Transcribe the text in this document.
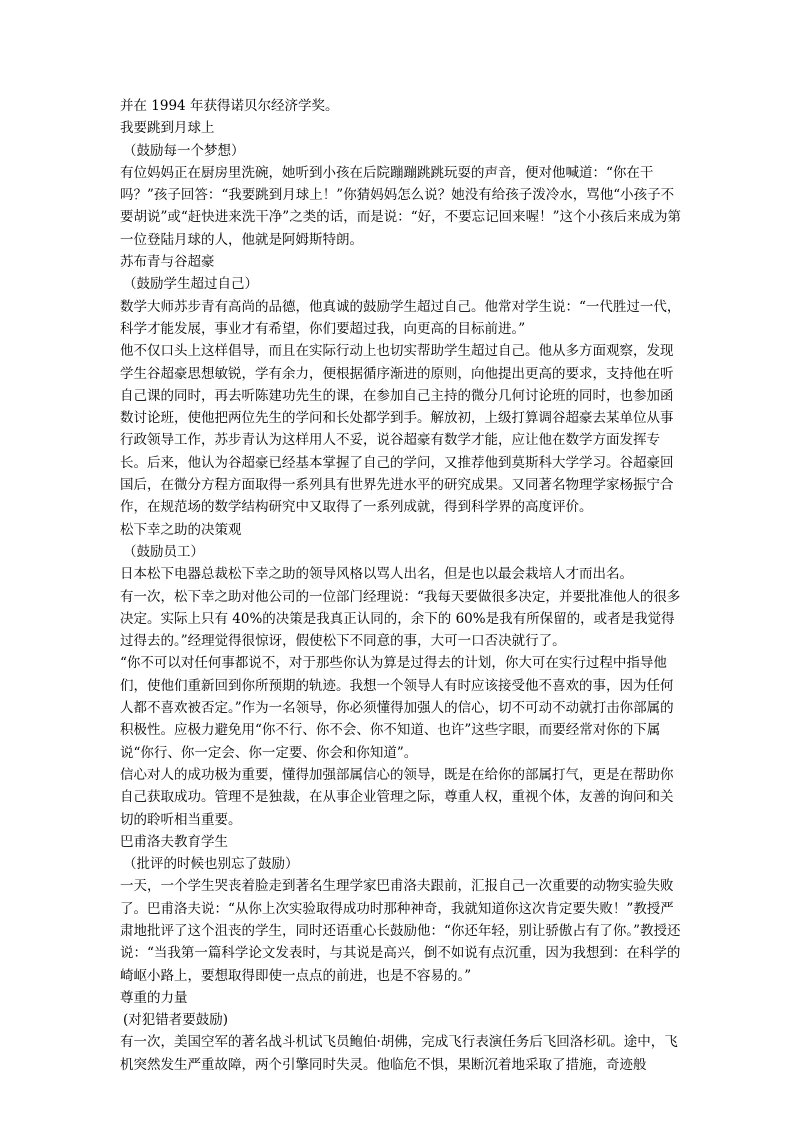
并在 1994 年获得诺贝尔经济学奖。
我要跳到月球上
（鼓励每一个梦想）
有位妈妈正在厨房里洗碗，她听到小孩在后院蹦蹦跳跳玩耍的声音，便对他喊道：“你在干吗？”孩子回答：“我要跳到月球上！”你猜妈妈怎么说？她没有给孩子泼冷水，骂他“小孩子不要胡说”或“赶快进来洗干净”之类的话，而是说：“好，不要忘记回来喔！”这个小孩后来成为第一位登陆月球的人，他就是阿姆斯特朗。
苏布青与谷超豪
（鼓励学生超过自己）
数学大师苏步青有高尚的品德，他真诚的鼓励学生超过自己。他常对学生说：“一代胜过一代，科学才能发展，事业才有希望，你们要超过我，向更高的目标前进。”
他不仅口头上这样倡导，而且在实际行动上也切实帮助学生超过自己。他从多方面观察，发现学生谷超豪思想敏锐，学有余力，便根据循序渐进的原则，向他提出更高的要求，支持他在听自己课的同时，再去听陈建功先生的课，在参加自己主持的微分几何讨论班的同时，也参加函数讨论班，使他把两位先生的学问和长处都学到手。解放初，上级打算调谷超豪去某单位从事行政领导工作，苏步青认为这样用人不妥，说谷超豪有数学才能，应让他在数学方面发挥专长。后来，他认为谷超豪已经基本掌握了自己的学问，又推荐他到莫斯科大学学习。谷超豪回国后，在微分方程方面取得一系列具有世界先进水平的研究成果。又同著名物理学家杨振宁合作，在规范场的数学结构研究中又取得了一系列成就，得到科学界的高度评价。
松下幸之助的决策观
（鼓励员工）
日本松下电器总裁松下幸之助的领导风格以骂人出名，但是也以最会栽培人才而出名。
有一次，松下幸之助对他公司的一位部门经理说：“我每天要做很多决定，并要批准他人的很多决定。实际上只有 40%的决策是我真正认同的，余下的 60%是我有所保留的，或者是我觉得过得去的。”经理觉得很惊讶，假使松下不同意的事，大可一口否决就行了。
“你不可以对任何事都说不，对于那些你认为算是过得去的计划，你大可在实行过程中指导他们，使他们重新回到你所预期的轨迹。我想一个领导人有时应该接受他不喜欢的事，因为任何人都不喜欢被否定。”作为一名领导，你必须懂得加强人的信心，切不可动不动就打击你部属的积极性。应极力避免用“你不行、你不会、你不知道、也许”这些字眼，而要经常对你的下属说“你行、你一定会、你一定要、你会和你知道”。
信心对人的成功极为重要，懂得加强部属信心的领导，既是在给你的部属打气，更是在帮助你自己获取成功。管理不是独裁，在从事企业管理之际，尊重人权，重视个体，友善的询问和关切的聆听相当重要。
巴甫洛夫教育学生
（批评的时候也别忘了鼓励）
一天，一个学生哭丧着脸走到著名生理学家巴甫洛夫跟前，汇报自己一次重要的动物实验失败了。巴甫洛夫说：“从你上次实验取得成功时那种神奇，我就知道你这次肯定要失败！”教授严肃地批评了这个沮丧的学生，同时还语重心长鼓励他：“你还年轻，别让骄傲占有了你。”教授还说：“当我第一篇科学论文发表时，与其说是高兴，倒不如说有点沉重，因为我想到：在科学的崎岖小路上，要想取得即使一点点的前进，也是不容易的。”
尊重的力量
(对犯错者要鼓励)
有一次，美国空军的著名战斗机试飞员鲍伯·胡佛，完成飞行表演任务后飞回洛杉矶。途中，飞机突然发生严重故障，两个引擎同时失灵。他临危不惧，果断沉着地采取了措施，奇迹般
